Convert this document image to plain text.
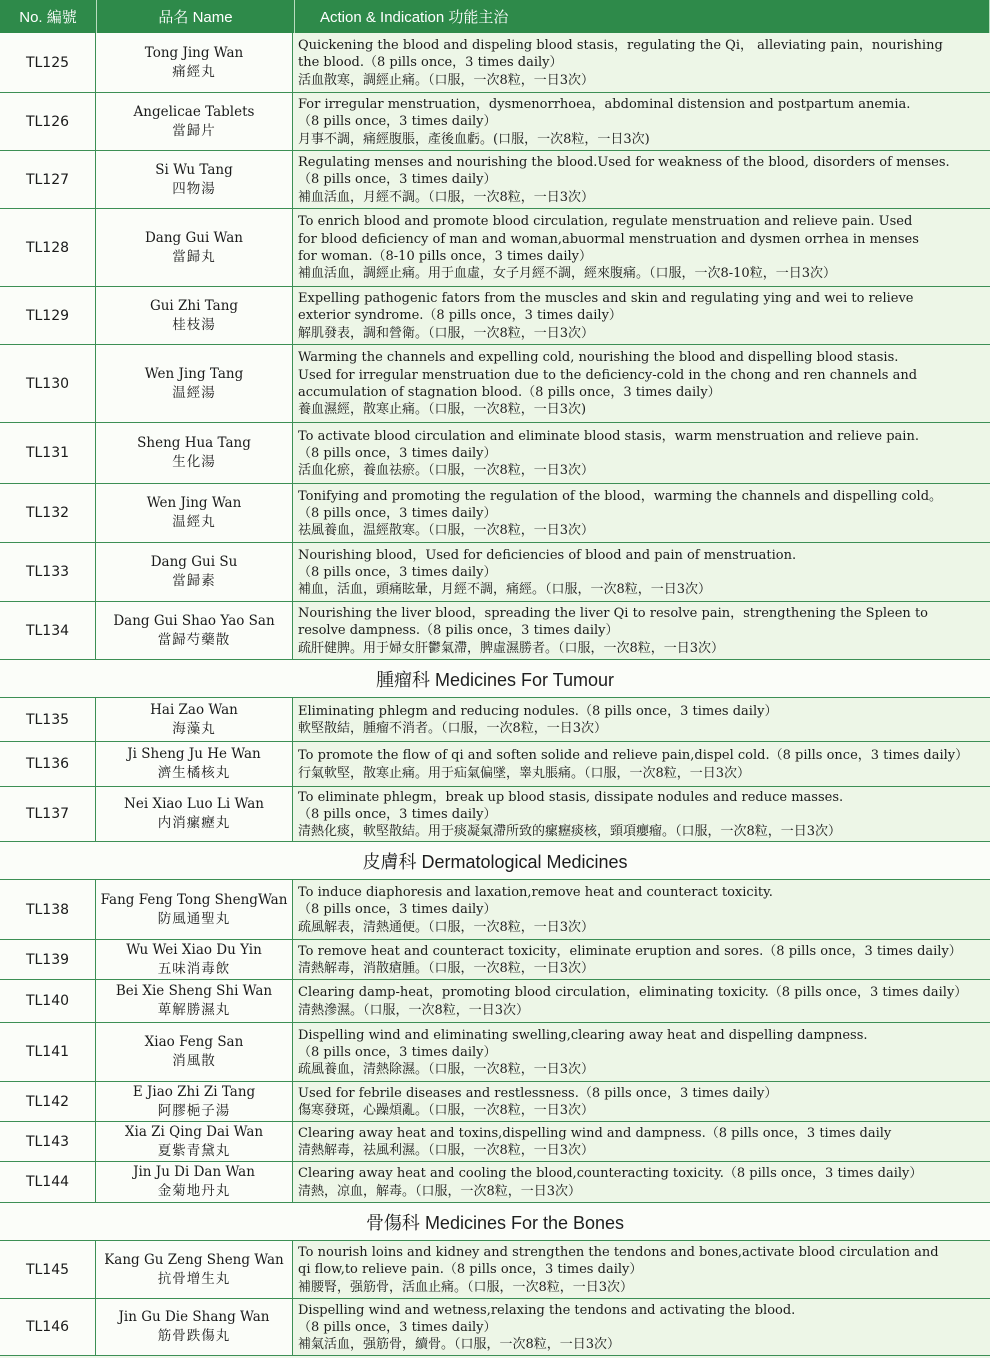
No. 編號	品名 Name	Action & Indication 功能主治
TL125
Tong Jing Wan
痛經丸
Quickening the blood and dispeling blood stasis，regulating the Qi， alleviating pain，nourishing
the blood.（8 pills once，3 times daily）
活血散寒，調經止痛。（口服，一次8粒，一日3次）
TL126
Angelicae Tablets
當歸片
For irregular menstruation，dysmenorrhoea，abdominal distension and postpartum anemia.
（8 pills once，3 times daily）
月事不調，痛經腹脹，產後血虧。(口服，一次8粒，一日3次)
TL127
Si Wu Tang
四物湯
Regulating menses and nourishing the blood.Used for weakness of the blood, disorders of menses.
（8 pills once，3 times daily）
補血活血，月經不調。（口服，一次8粒，一日3次）
TL128
Dang Gui Wan
當歸丸
To enrich blood and promote blood circulation, regulate menstruation and relieve pain. Used
for blood deficiency of man and woman,abuormal menstruation and dysmen orrhea in menses
for woman.（8-10 pills once，3 times daily）
補血活血，調經止痛。用于血虛，女子月經不調，經來腹痛。（口服，一次8-10粒，一日3次）
TL129
Gui Zhi Tang
桂枝湯
Expelling pathogenic fators from the muscles and skin and regulating ying and wei to relieve
exterior syndrome.（8 pills once，3 times daily）
解肌發表，調和營衛。（口服，一次8粒，一日3次）
TL130
Wen Jing Tang
温經湯
Warming the channels and expelling cold, nourishing the blood and dispelling blood stasis.
Used for irregular menstruation due to the deficiency-cold in the chong and ren channels and
accumulation of stagnation blood.（8 pills once，3 times daily）
養血濕經，散寒止痛。（口服，一次8粒，一日3次)
TL131
Sheng Hua Tang
生化湯
To activate blood circulation and eliminate blood stasis，warm menstruation and relieve pain.
（8 pills once，3 times daily）
活血化瘀，養血祛瘀。（口服，一次8粒，一日3次）
TL132
Wen Jing Wan
温經丸
Tonifying and promoting the regulation of the blood，warming the channels and dispelling cold。
（8 pills once，3 times daily）
祛風養血，温經散寒。（口服，一次8粒，一日3次）
TL133
Dang Gui Su
當歸素
Nourishing blood，Used for deficiencies of blood and pain of menstruation.
（8 pills once，3 times daily）
補血，活血，頭痛眩暈，月經不調，痛經。（口服，一次8粒，一日3次）
TL134
Dang Gui Shao Yao San
當歸芍藥散
Nourishing the liver blood，spreading the liver Qi to resolve pain，strengthening the Spleen to
resolve dampness.（8 pilis once，3 times daily）
疏肝健脾。用于婦女肝鬱氣滯，脾虛濕勝者。（口服，一次8粒，一日3次）
腫瘤科 Medicines For Tumour
TL135
Hai Zao Wan
海藻丸
Eliminating phlegm and reducing nodules.（8 pills once，3 times daily）
軟堅散結，腫瘤不消者。（口服，一次8粒，一日3次）
TL136
Ji Sheng Ju He Wan
濟生橘核丸
To promote the flow of qi and soften solide and relieve pain,dispel cold.（8 pills once，3 times daily）
行氣軟堅，散寒止痛。用于疝氣偏墜，睾丸脹痛。（口服，一次8粒，一日3次）
TL137
Nei Xiao Luo Li Wan
内消瘰癧丸
To eliminate phlegm，break up blood stasis, dissipate nodules and reduce masses.
（8 pills once，3 times daily）
清熱化痰，軟堅散結。用于痰凝氣滯所致的瘰癧痰核，頸項癭瘤。（口服，一次8粒，一日3次）
皮膚科 Dermatological Medicines
TL138
Fang Feng Tong ShengWan
防風通聖丸
To induce diaphoresis and laxation,remove heat and counteract toxicity.
（8 pills once，3 times daily）
疏風解表，清熱通便。（口服，一次8粒，一日3次）
TL139
Wu Wei Xiao Du Yin
五味消毒飲
To remove heat and counteract toxicity，eliminate eruption and sores.（8 pills once，3 times daily）
清熱解毒，消散瘡腫。（口服，一次8粒，一日3次）
TL140
Bei Xie Sheng Shi Wan
萆解勝濕丸
Clearing damp-heat，promoting blood circulation，eliminating toxicity.（8 pills once，3 times daily）
清熱滲濕。（口服，一次8粒，一日3次）
TL141
Xiao Feng San
消風散
Dispelling wind and eliminating swelling,clearing away heat and dispelling dampness.
（8 pills once，3 times daily）
疏風養血，清熱除濕。（口服，一次8粒，一日3次）
TL142
E Jiao Zhi Zi Tang
阿膠梔子湯
Used for febrile diseases and restlessness.（8 pills once，3 times daily）
傷寒發斑，心躁煩亂。（口服，一次8粒，一日3次）
TL143
Xia Zi Qing Dai Wan
夏紫青黛丸
Clearing away heat and toxins,dispelling wind and dampness.（8 pills once，3 times daily
清熱解毒，祛風利濕。（口服，一次8粒，一日3次）
TL144
Jin Ju Di Dan Wan
金菊地丹丸
Clearing away heat and cooling the blood,counteracting toxicity.（8 pills once，3 times daily）
清熱，凉血，解毒。（口服，一次8粒，一日3次）
骨傷科 Medicines For the Bones
TL145
Kang Gu Zeng Sheng Wan
抗骨增生丸
To nourish loins and kidney and strengthen the tendons and bones,activate blood circulation and
qi flow,to relieve pain.（8 pills once，3 times daily）
補腰腎，强筋骨，活血止痛。（口服，一次8粒，一日3次）
TL146
Jin Gu Die Shang Wan
筋骨跌傷丸
Dispelling wind and wetness,relaxing the tendons and activating the blood.
（8 pills once，3 times daily）
補氣活血，强筋骨，續骨。（口服，一次8粒，一日3次）
